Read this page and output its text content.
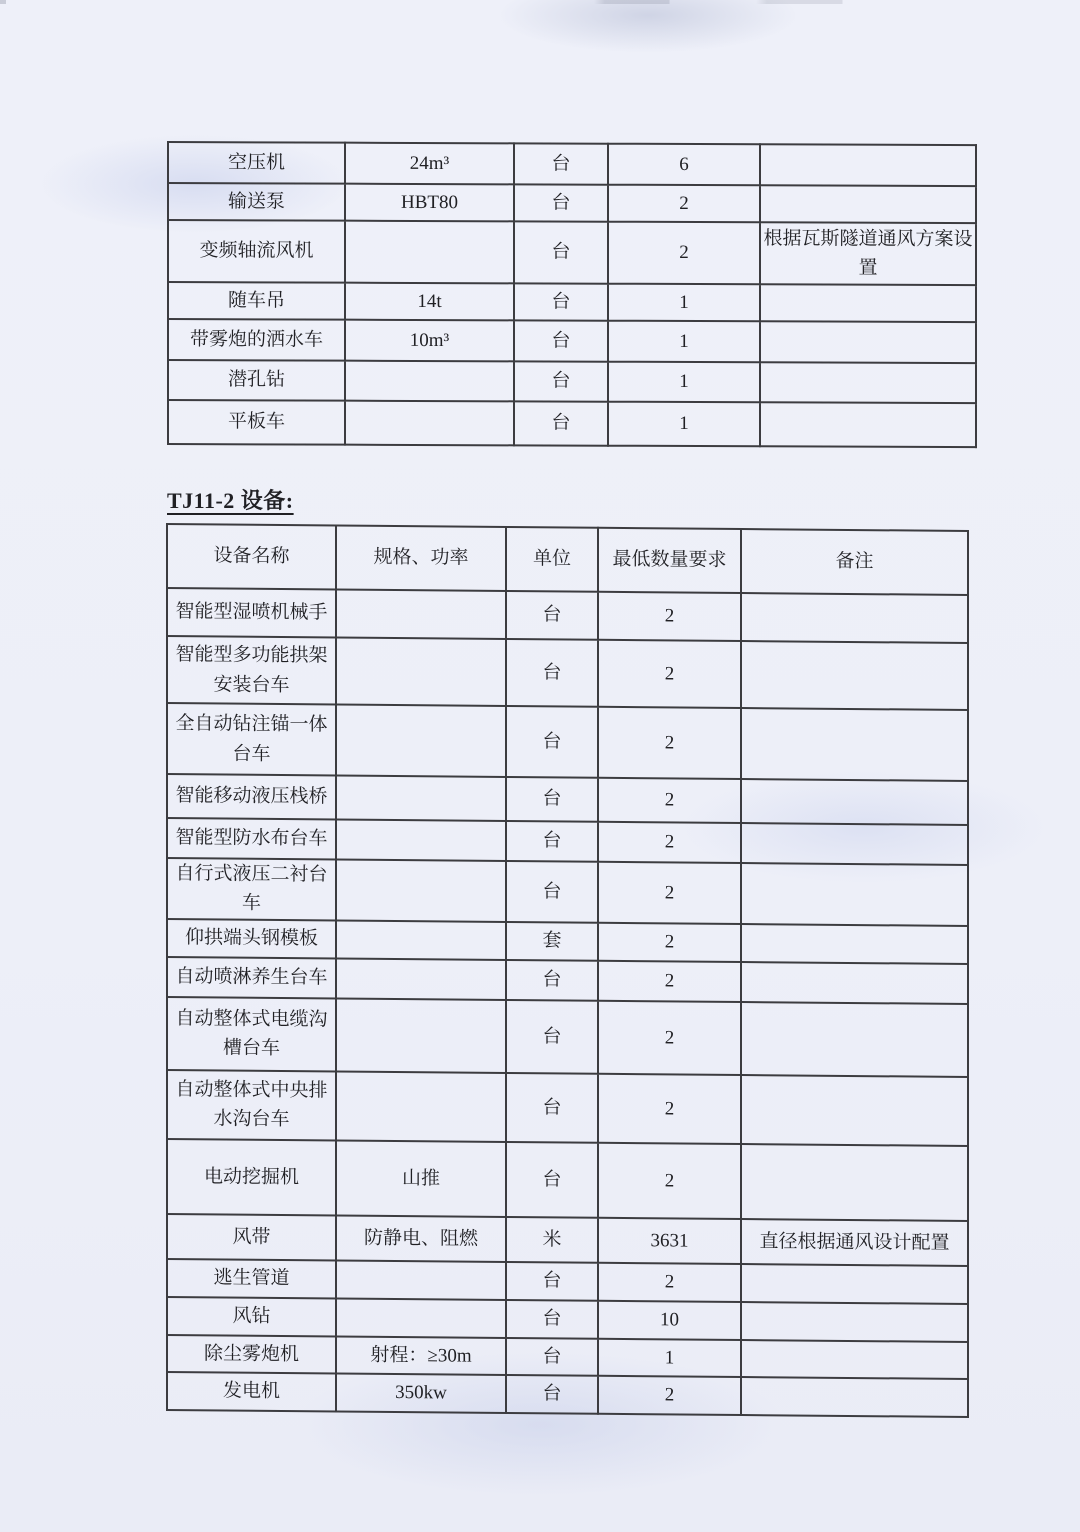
空压机	24m³	台	6	
输送泵	HBT80	台	2	
变频轴流风机		台	2	根据瓦斯隧道通风方案设置
随车吊	14t	台	1	
带雾炮的洒水车	10m³	台	1	
潜孔钻		台	1	
平板车		台	1	
TJ11-2 设备:
设备名称	规格、功率	单位	最低数量要求	备注
智能型湿喷机械手		台	2	
智能型多功能拱架安装台车		台	2	
全自动钻注锚一体台车		台	2	
智能移动液压栈桥		台	2	
智能型防水布台车		台	2	
自行式液压二衬台车		台	2	
仰拱端头钢模板		套	2	
自动喷淋养生台车		台	2	
自动整体式电缆沟槽台车		台	2	
自动整体式中央排水沟台车		台	2	
电动挖掘机	山推	台	2	
风带	防静电、阻燃	米	3631	直径根据通风设计配置
逃生管道		台	2	
风钻		台	10	
除尘雾炮机	射程：≥30m	台	1	
发电机	350kw	台	2	
